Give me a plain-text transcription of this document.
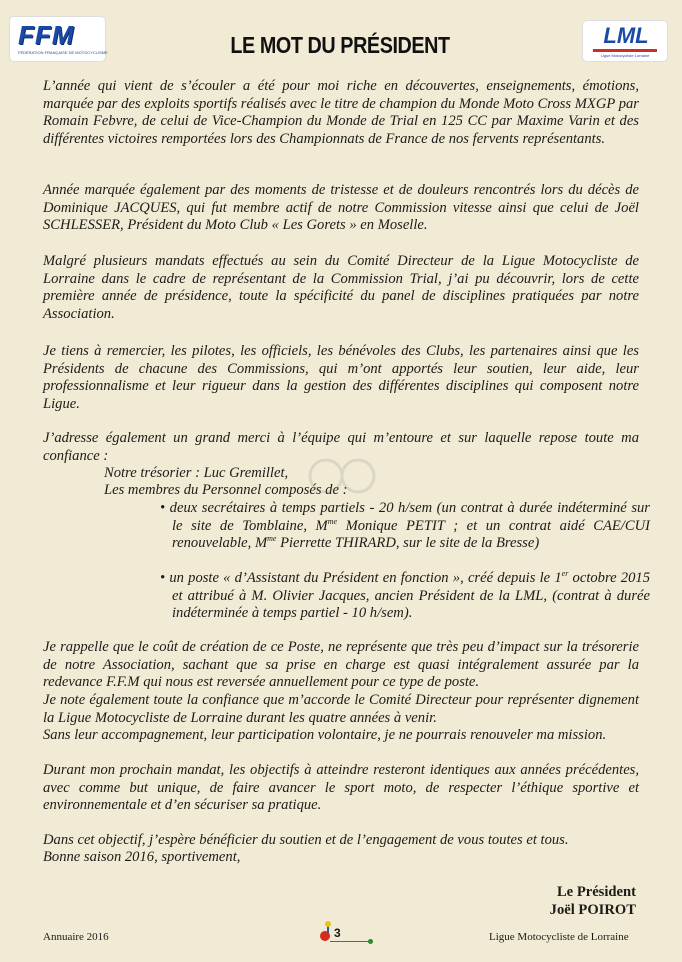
FFM
FÉDÉRATION FRANÇAISE DE MOTOCYCLISME	LE MOT DU PRÉSIDENT	LML
Ligue Motocycliste Lorraine

L’année qui vient de s’écouler a été pour moi riche en découvertes, enseignements, émotions, marquée par des exploits sportifs réalisés avec le titre de champion du Monde Moto Cross MXGP par Romain Febvre, de celui de Vice-Champion du Monde de Trial en 125 CC par Maxime Varin et des différentes victoires remportées lors des Championnats de France de nos fervents représentants.

Année marquée également par des moments de tristesse et de douleurs rencontrés lors du décès de Dominique JACQUES, qui fut membre actif de notre Commission vitesse ainsi que celui de Joël SCHLESSER, Président du Moto Club « Les Gorets » en Moselle.

Malgré plusieurs mandats effectués au sein du Comité Directeur de la Ligue Motocycliste de Lorraine dans le cadre de représentant de la Commission Trial, j’ai pu découvrir, lors de cette première année de présidence, toute la spécificité du panel de disciplines pratiquées par notre Association.

Je tiens à remercier, les pilotes, les officiels, les bénévoles des Clubs, les partenaires ainsi que les Présidents de chacune des Commissions, qui m’ont apportés leur soutien, leur aide, leur professionnalisme et leur rigueur dans la gestion des différentes disciplines qui composent notre Ligue.

J’adresse également un grand merci à l’équipe qui m’entoure et sur laquelle repose toute ma confiance :

Notre trésorier : Luc Gremillet,

Les membres du Personnel composés de :

• deux secrétaires à temps partiels - 20 h/sem (un contrat à durée indéterminé sur le site de Tomblaine, $M^{me}$ Monique PETIT ; et un contrat aidé CAE/CUI renouvelable, $M^{me}$ Pierrette THIRARD, sur le site de la Bresse)

• un poste « d’Assistant du Président en fonction », créé depuis le 1er octobre 2015 et attribué à M. Olivier Jacques, ancien Président de la LML, (contrat à durée indéterminée à temps partiel - 10 h/sem).

Je rappelle que le coût de création de ce Poste, ne représente que très peu d’impact sur la trésorerie de notre Association, sachant que sa prise en charge est quasi intégralement assurée par la redevance F.F.M qui nous est reversée annuellement pour ce type de poste.

Je note également toute la confiance que m’accorde le Comité Directeur pour représenter dignement la Ligue Motocycliste de Lorraine durant les quatre années à venir.

Sans leur accompagnement, leur participation volontaire, je ne pourrais renouveler ma mission.

Durant mon prochain mandat, les objectifs à atteindre resteront identiques aux années précédentes, avec comme but unique, de faire avancer le sport moto, de respecter l’éthique sportive et environnementale et d’en sécuriser sa pratique.

Dans cet objectif, j’espère bénéficier du soutien et de l’engagement de vous toutes et tous.

Bonne saison 2016, sportivement,

Le Président

Joël POIROT

Annuaire 2016	3	Ligue Motocycliste de Lorraine
